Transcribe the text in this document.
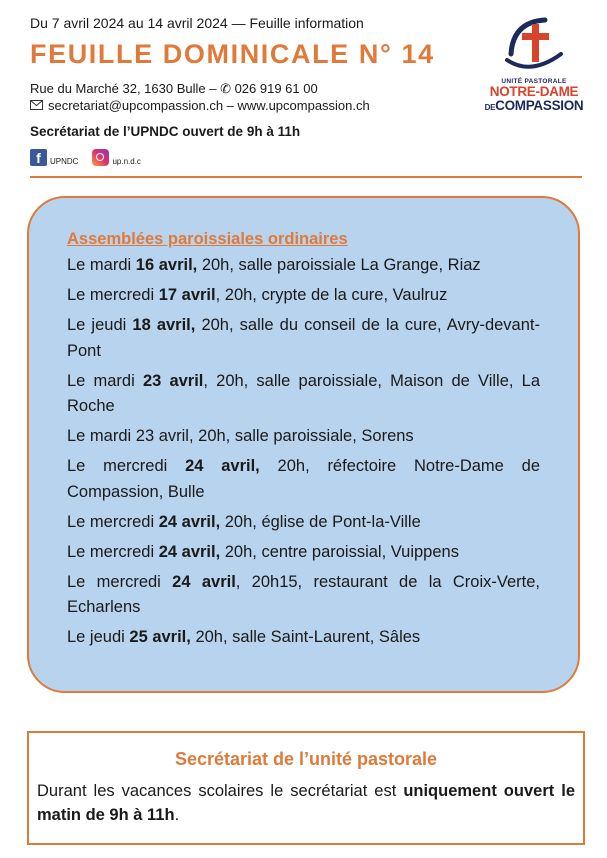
Du 7 avril 2024 au 14 avril 2024 — Feuille information
FEUILLE DOMINICALE N° 14
Rue du Marché 32, 1630 Bulle – ✆ 026 919 61 00
secretariat@upcompassion.ch – www.upcompassion.ch
Secrétariat de l’UPNDC ouvert de 9h à 11h
f	UPNDC	up.n.d.c
UNITÉ PASTORALE
NOTRE-DAME
DECOMPASSION
Assemblées paroissiales ordinaires
Le mardi 16 avril, 20h, salle paroissiale La Grange, Riaz
Le mercredi 17 avril, 20h, crypte de la cure, Vaulruz
Le jeudi 18 avril, 20h, salle du conseil de la cure, Avry-devant-Pont
Le mardi 23 avril, 20h, salle paroissiale, Maison de Ville, La Roche
Le mardi 23 avril, 20h, salle paroissiale, Sorens
Le mercredi 24 avril, 20h, réfectoire Notre-Dame de Compassion, Bulle
Le mercredi 24 avril, 20h, église de Pont-la-Ville
Le mercredi 24 avril, 20h, centre paroissial, Vuippens
Le mercredi 24 avril, 20h15, restaurant de la Croix-Verte, Echarlens
Le jeudi 25 avril, 20h, salle Saint-Laurent, Sâles
Secrétariat de l’unité pastorale
Durant les vacances scolaires le secrétariat est uniquement ouvert le matin de 9h à 11h.
